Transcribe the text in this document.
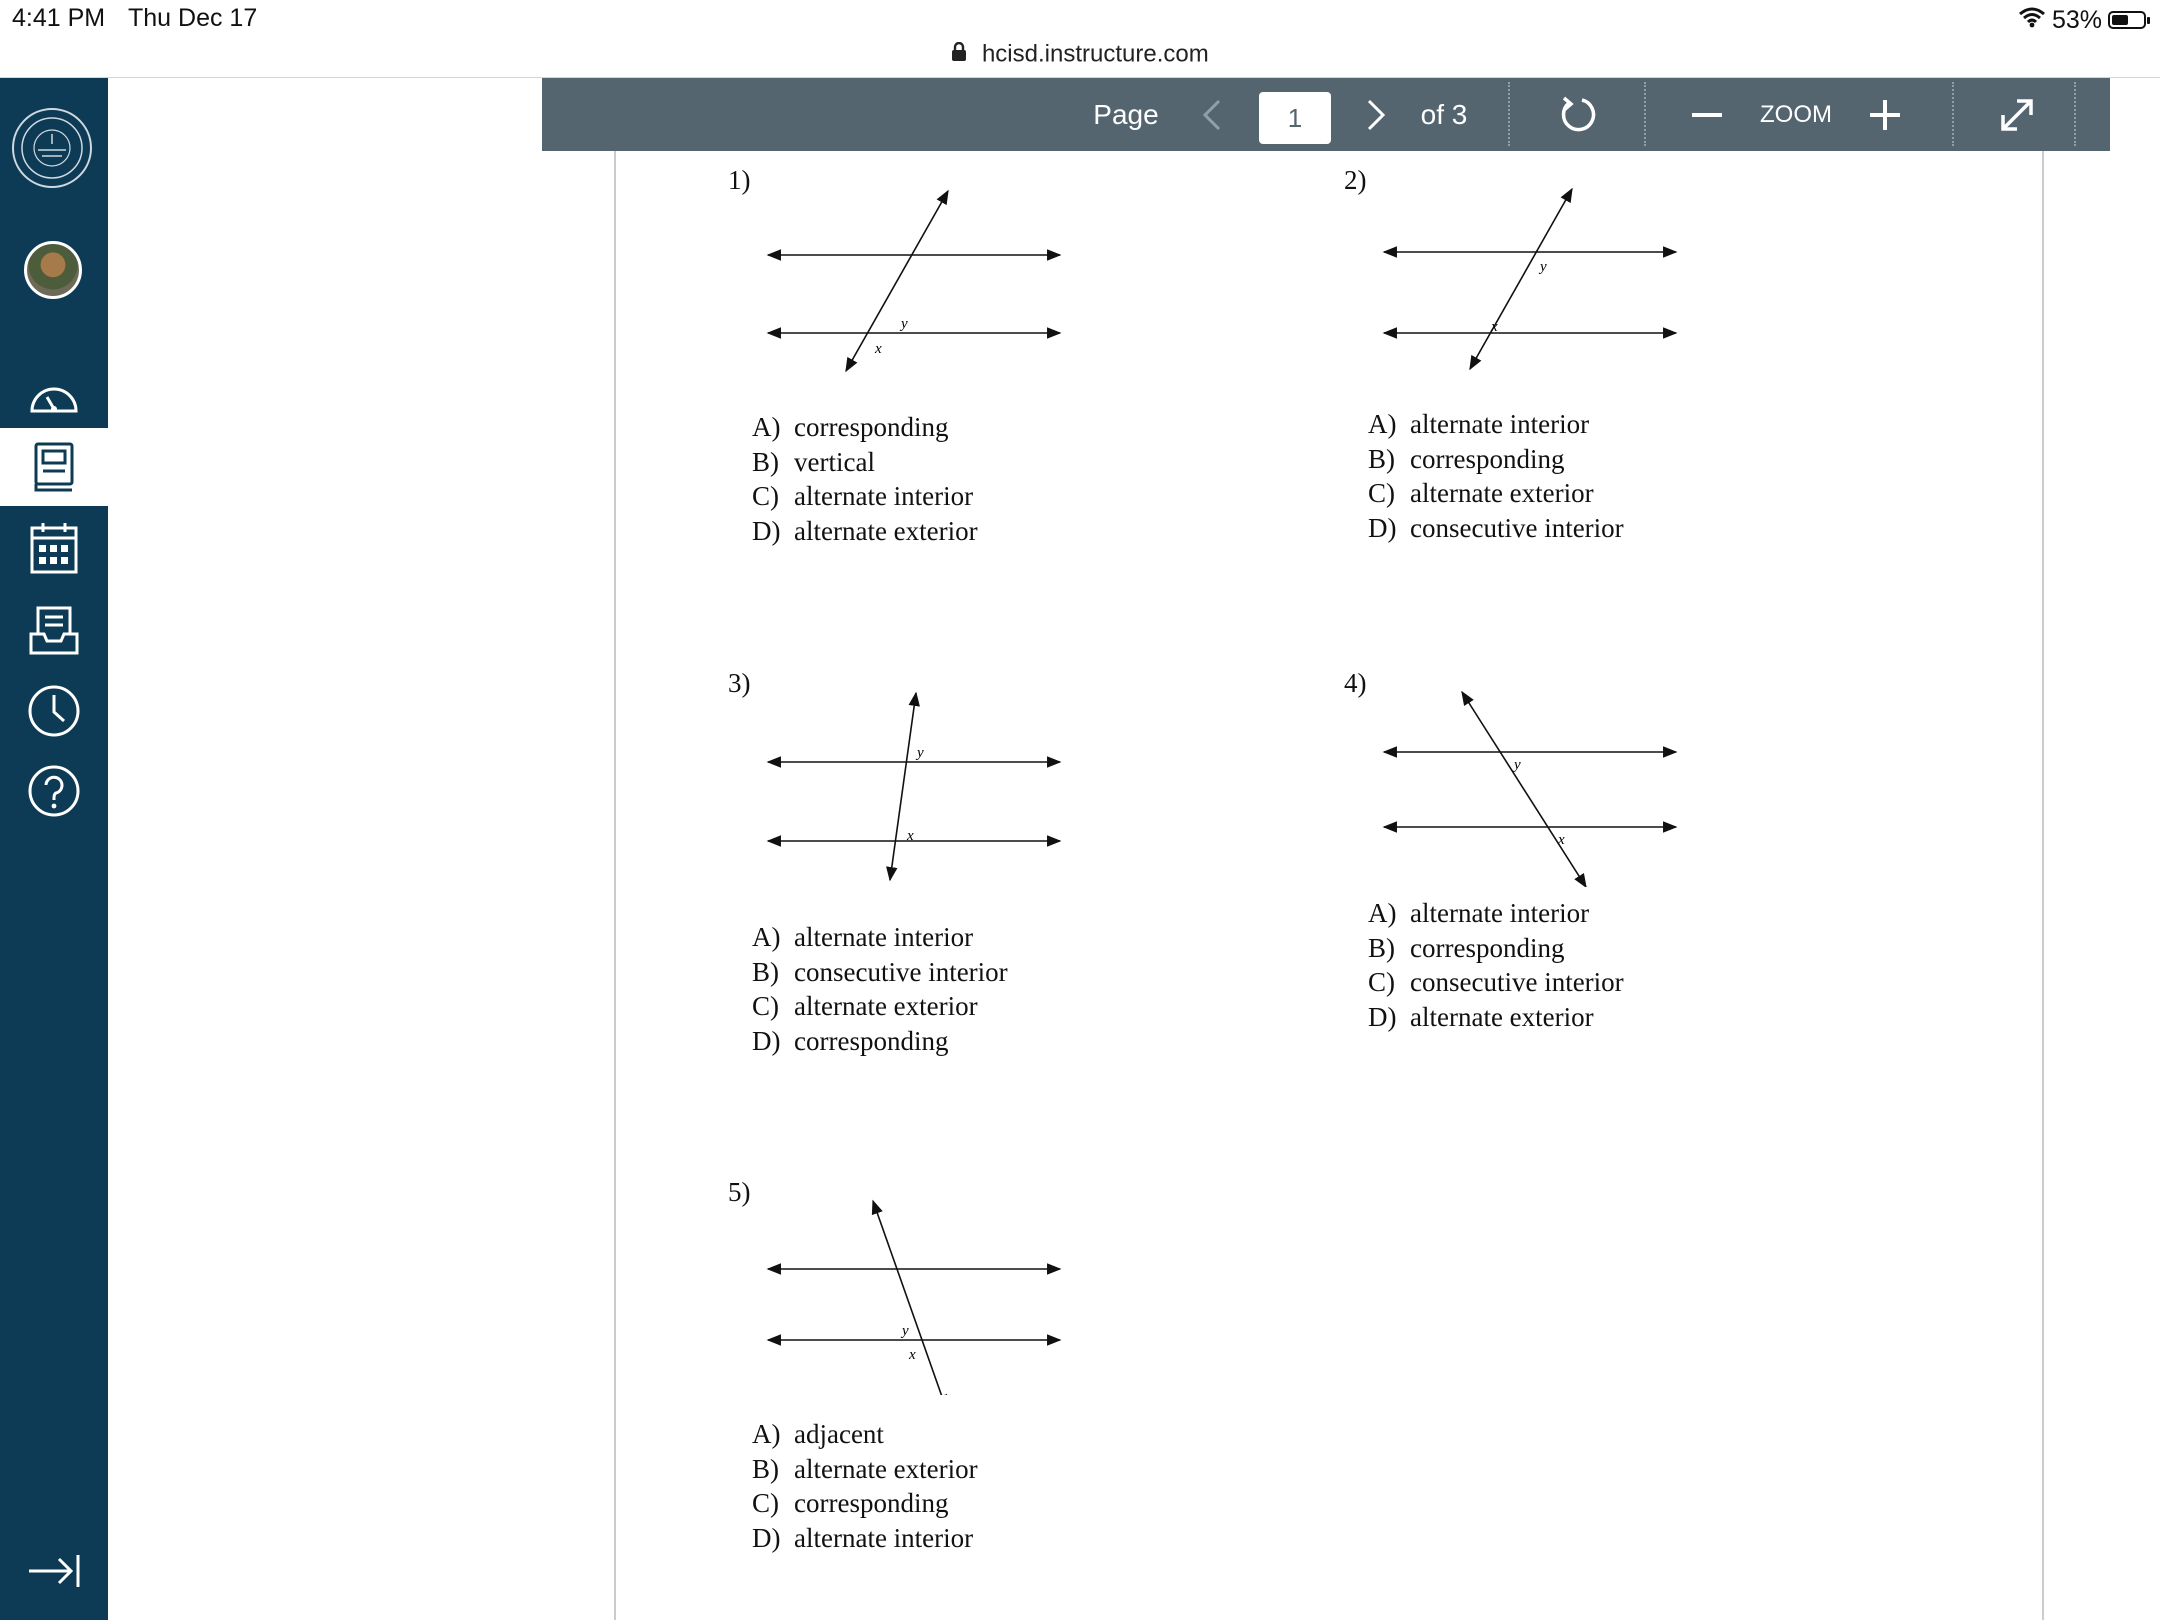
4:41 PM Thu Dec 17	53%
hcisd.instructure.com
Page	1	of 3	ZOOM
1)
y
x
A) corresponding
B) vertical
C) alternate interior
D) alternate exterior
2)
y
x
A) alternate interior
B) corresponding
C) alternate exterior
D) consecutive interior
3)
y
x
A) alternate interior
B) consecutive interior
C) alternate exterior
D) corresponding
4)
y
x
A) alternate interior
B) corresponding
C) consecutive interior
D) alternate exterior
5)
y
x
A) adjacent
B) alternate exterior
C) corresponding
D) alternate interior
